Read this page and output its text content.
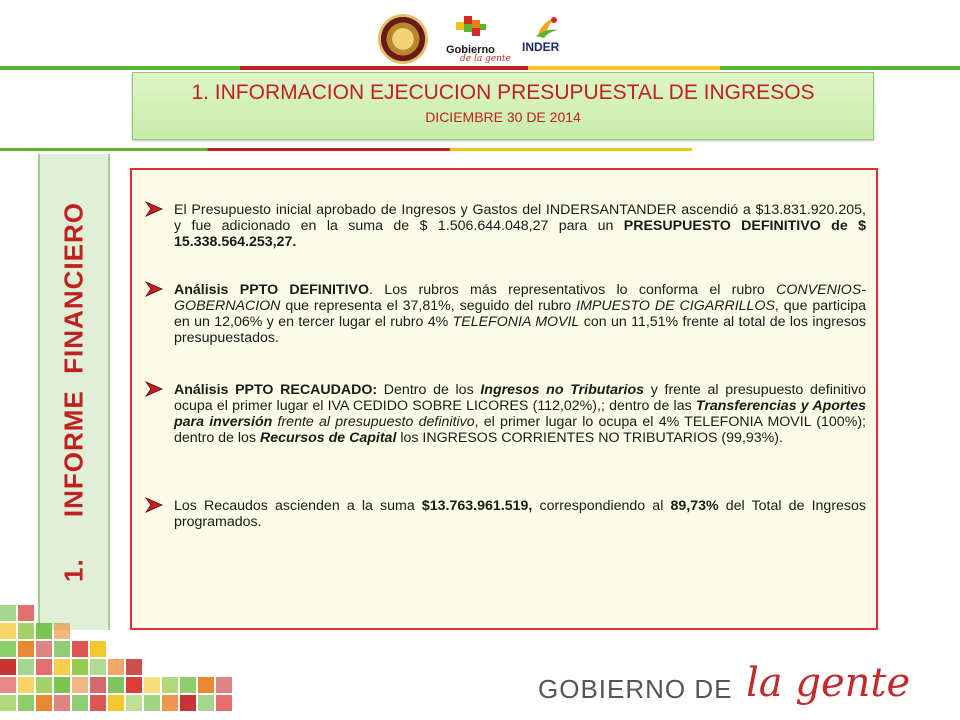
Gobierno
de la gente
INDER
1. INFORMACION EJECUCION PRESUPUESTAL DE INGRESOS
DICIEMBRE 30 DE 2014
1.     INFORME  FINANCIERO	El Presupuesto inicial aprobado de Ingresos y Gastos del INDERSANTANDER ascendió a $13.831.920.205, y fue adicionado en la suma de $ 1.506.644.048,27 para un PRESUPUESTO DEFINITIVO de $ 15.338.564.253,27.
Análisis PPTO DEFINITIVO. Los rubros más representativos lo conforma el rubro CONVENIOS-GOBERNACION que representa el 37,81%, seguido del rubro IMPUESTO DE CIGARRILLOS, que participa en un 12,06% y en tercer lugar el rubro 4% TELEFONIA MOVIL con un 11,51% frente al total de los ingresos presupuestados.
Análisis PPTO RECAUDADO: Dentro de los Ingresos no Tributarios y frente al presupuesto definitivo ocupa el primer lugar el IVA CEDIDO SOBRE LICORES (112,02%),; dentro de las Transferencias y Aportes para inversión frente al presupuesto definitivo, el primer lugar lo ocupa el 4% TELEFONIA MOVIL (100%); dentro de los Recursos de Capital los INGRESOS CORRIENTES NO TRIBUTARIOS (99,93%).
Los Recaudos ascienden a la suma $13.763.961.519, correspondiendo al 89,73% del Total de Ingresos programados.
GOBIERNO DE la gente
